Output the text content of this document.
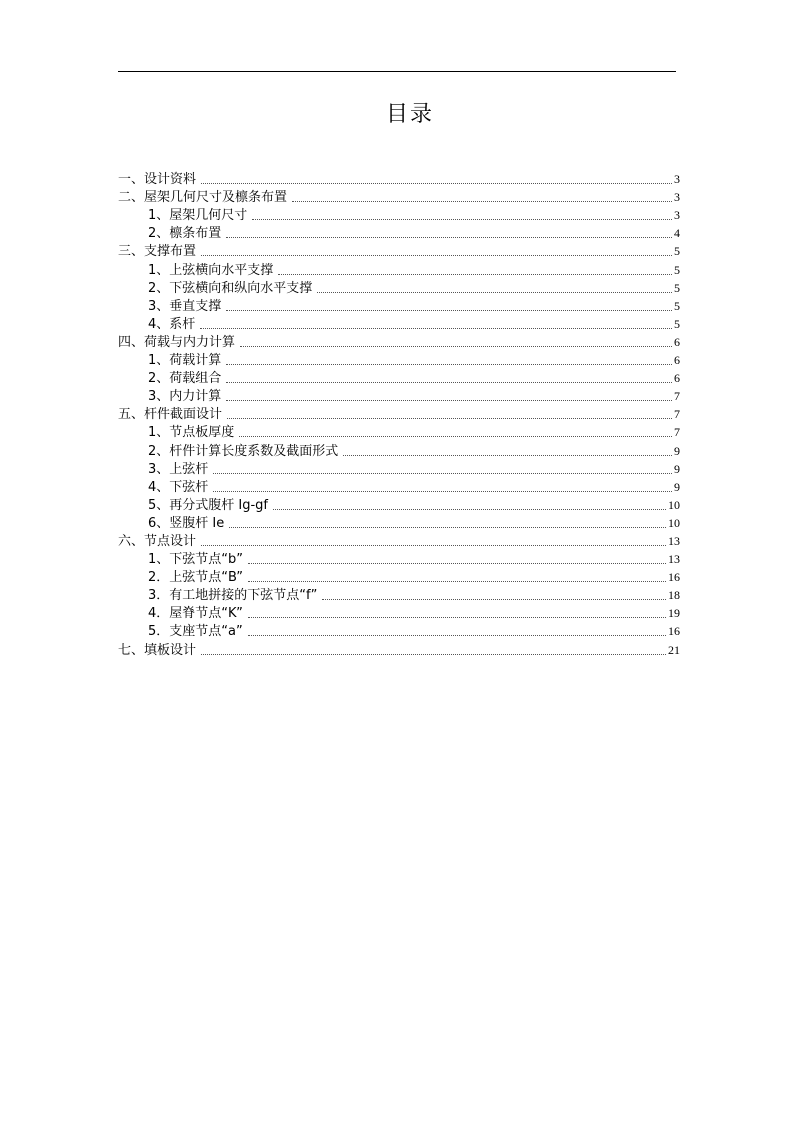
目录
一、设计资料	3
二、屋架几何尺寸及檩条布置	3
1、屋架几何尺寸	3
2、檩条布置	4
三、支撑布置	5
1、上弦横向水平支撑	5
2、下弦横向和纵向水平支撑	5
3、垂直支撑	5
4、系杆	5
四、荷载与内力计算	6
1、荷载计算	6
2、荷载组合	6
3、内力计算	7
五、杆件截面设计	7
1、节点板厚度	7
2、杆件计算长度系数及截面形式	9
3、上弦杆	9
4、下弦杆	9
5、再分式腹杆 Ig-gf	10
6、竖腹杆 Ie	10
六、节点设计	13
1、下弦节点“b”	13
2．上弦节点“B”	16
3．有工地拼接的下弦节点“f”	18
4．屋脊节点“K”	19
5．支座节点“a”	16
七、填板设计	21
